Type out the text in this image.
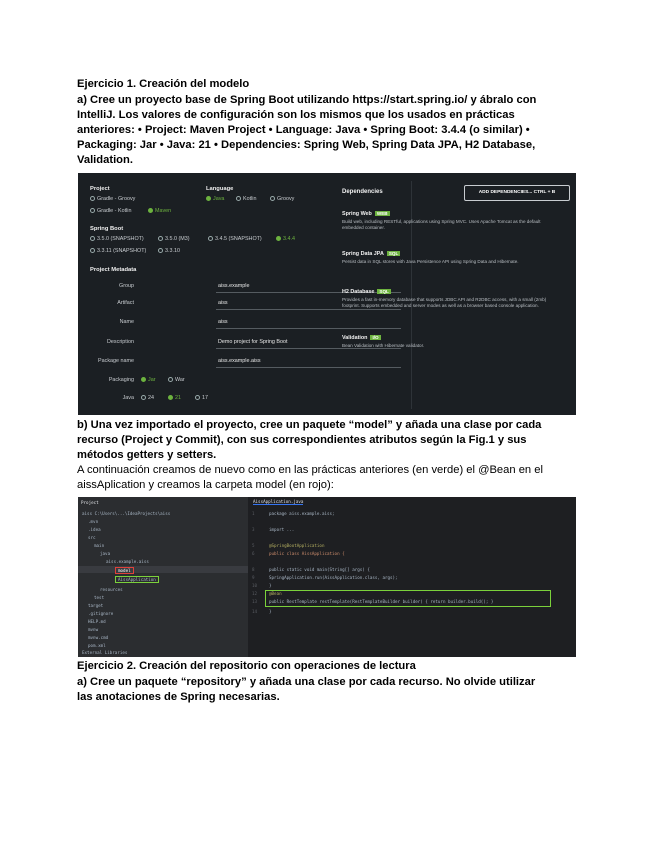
Ejercicio 1. Creación del modelo
a) Cree un proyecto base de Spring Boot utilizando https://start.spring.io/ y ábralo con
IntelliJ. Los valores de configuración son los mismos que los usados en prácticas
anteriores: • Project: Maven Project • Language: Java • Spring Boot: 3.4.4 (o similar) •
Packaging: Jar • Java: 21 • Dependencies: Spring Web, Spring Data JPA, H2 Database,
Validation.
Project
Gradle - Groovy
Gradle - Kotlin	Maven
Language
Java	Kotlin	Groovy
Spring Boot
3.5.0 (SNAPSHOT)	3.5.0 (M3)	3.4.5 (SNAPSHOT)	3.4.4
3.3.11 (SNAPSHOT)	3.3.10
Project Metadata
Group	aiss.example
Artifact	aiss
Name	aiss
Description	Demo project for Spring Boot
Package name	aiss.example.aiss
Packaging	Jar	War
Java	24	21	17
Dependencies	ADD DEPENDENCIES... CTRL + B
Spring Web WEB
Build web, including RESTful, applications using Spring MVC. Uses Apache Tomcat as the default embedded container.
Spring Data JPA SQL
Persist data in SQL stores with Java Persistence API using Spring Data and Hibernate.
H2 Database SQL
Provides a fast in-memory database that supports JDBC API and R2DBC access, with a small (2mb) footprint. Supports embedded and server modes as well as a browser based console application.
Validation I/O
Bean Validation with Hibernate validator.
b) Una vez importado el proyecto, cree un paquete “model” y añada una clase por cada
recurso (Project y Commit), con sus correspondientes atributos según la Fig.1 y sus
métodos getters y setters.
A continuación creamos de nuevo como en las prácticas anteriores (en verde) el @Bean en el
aissAplication y creamos la carpeta model (en rojo):
Project
aiss C:\Users\...\IdeaProjects\aiss
.mvn
.idea
src
main
java
aiss.example.aiss
model
AissApplication
resources
test
target
.gitignore
HELP.md
mvnw
mvnw.cmd
pom.xml
External Libraries
AissApplication.java
1	package aiss.example.aiss;
3	import ...
5	@SpringBootApplication
6	public class AissApplication {
8	public static void main(String[] args) {
9	SpringApplication.run(AissApplication.class, args);
10	}
12	@Bean
13	public RestTemplate restTemplate(RestTemplateBuilder builder) { return builder.build(); }
14	}
Ejercicio 2. Creación del repositorio con operaciones de lectura
a) Cree un paquete “repository” y añada una clase por cada recurso. No olvide utilizar
las anotaciones de Spring necesarias.
